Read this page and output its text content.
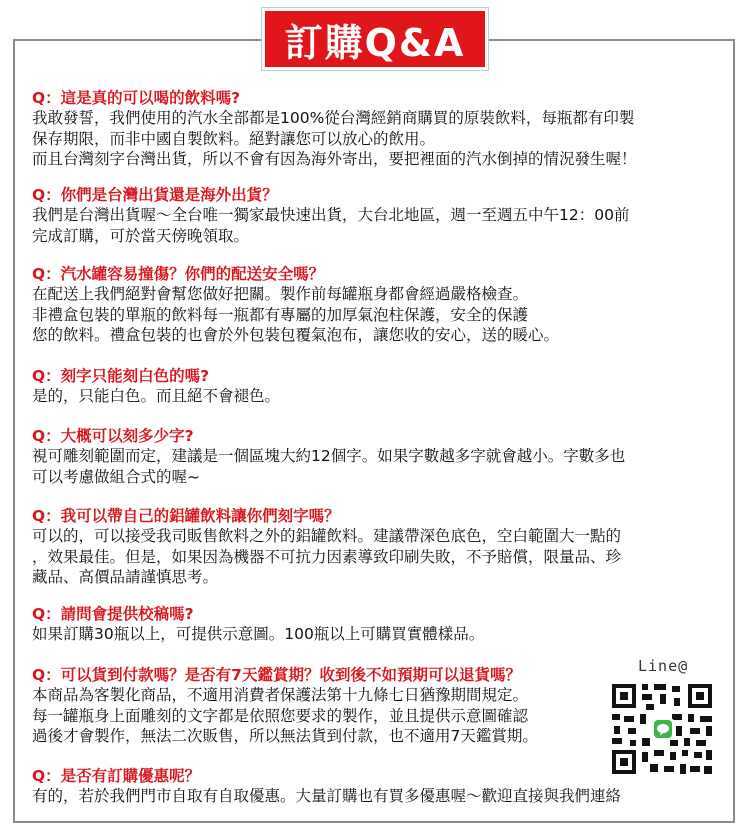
訂購Q&A
Q：這是真的可以喝的飲料嗎?
我敢發誓，我們使用的汽水全部都是100%從台灣經銷商購買的原裝飲料，每瓶都有印製
保存期限，而非中國自製飲料。絕對讓您可以放心的飲用。
而且台灣刻字台灣出貨，所以不會有因為海外寄出，要把裡面的汽水倒掉的情況發生喔！
Q：你們是台灣出貨還是海外出貨？
我們是台灣出貨喔～全台唯一獨家最快速出貨，大台北地區，週一至週五中午12：00前
完成訂購，可於當天傍晚領取。
Q：汽水罐容易撞傷？你們的配送安全嗎？
在配送上我們絕對會幫您做好把關。製作前每罐瓶身都會經過嚴格檢查。
非禮盒包裝的單瓶的飲料每一瓶都有專屬的加厚氣泡柱保護，安全的保護
您的飲料。禮盒包裝的也會於外包裝包覆氣泡布，讓您收的安心，送的暖心。
Q：刻字只能刻白色的嗎?
是的，只能白色。而且絕不會褪色。
Q：大概可以刻多少字?
視可雕刻範圍而定，建議是一個區塊大約12個字。如果字數越多字就會越小。字數多也
可以考慮做組合式的喔~
Q：我可以帶自己的鋁罐飲料讓你們刻字嗎？
可以的，可以接受我司販售飲料之外的鋁罐飲料。建議帶深色底色，空白範圍大一點的
，效果最佳。但是，如果因為機器不可抗力因素導致印刷失敗，不予賠償，限量品、珍
藏品、高價品請謹慎思考。
Q：請問會提供校稿嗎?
如果訂購30瓶以上，可提供示意圖。100瓶以上可購買實體樣品。
Q：可以貨到付款嗎？是否有7天鑑賞期？收到後不如預期可以退貨嗎？
本商品為客製化商品，不適用消費者保護法第十九條七日猶豫期間規定。
每一罐瓶身上面雕刻的文字都是依照您要求的製作，並且提供示意圖確認
過後才會製作，無法二次販售，所以無法貨到付款，也不適用7天鑑賞期。
Q：是否有訂購優惠呢？
有的，若於我們門市自取有自取優惠。大量訂購也有買多優惠喔～歡迎直接與我們連絡
Line@
